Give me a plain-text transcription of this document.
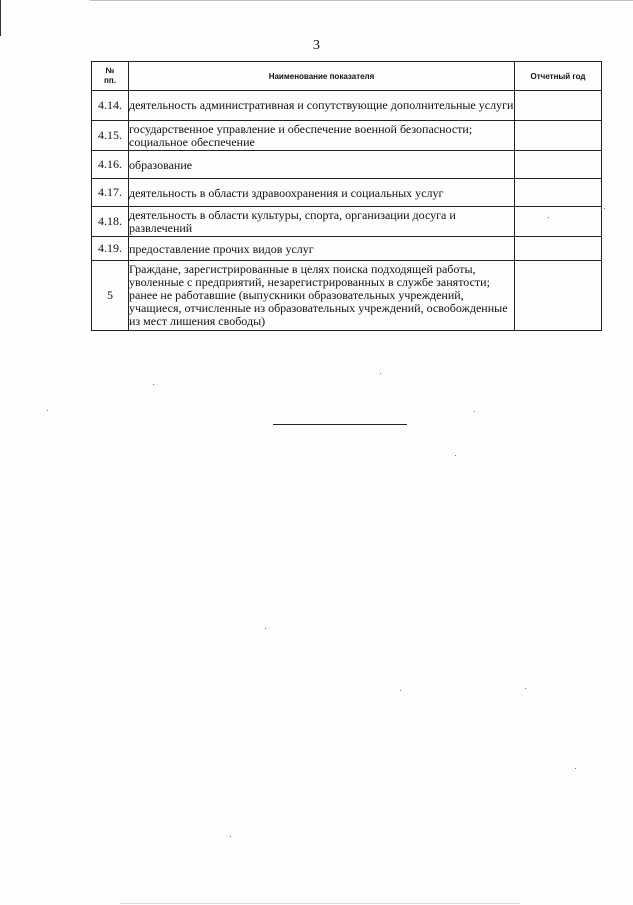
3
№
пп.	Наименование показателя	Отчетный год
4.14.	деятельность административная и сопутствующие дополнительные услуги	
4.15.	государственное управление и обеспечение военной безопасности; социальное обеспечение	
4.16.	образование	
4.17.	деятельность в области здравоохранения и социальных услуг	
4.18.	деятельность в области культуры, спорта, организации досуга и развлечений	
4.19.	предоставление прочих видов услуг	
5	Граждане, зарегистрированные в целях поиска подходящей работы, уволенные с предприятий, незарегистрированных в службе занятости; ранее не работавшие (выпускники образовательных учреждений, учащиеся, отчисленные из образовательных учреждений, освобожденные из мест лишения свободы)	
